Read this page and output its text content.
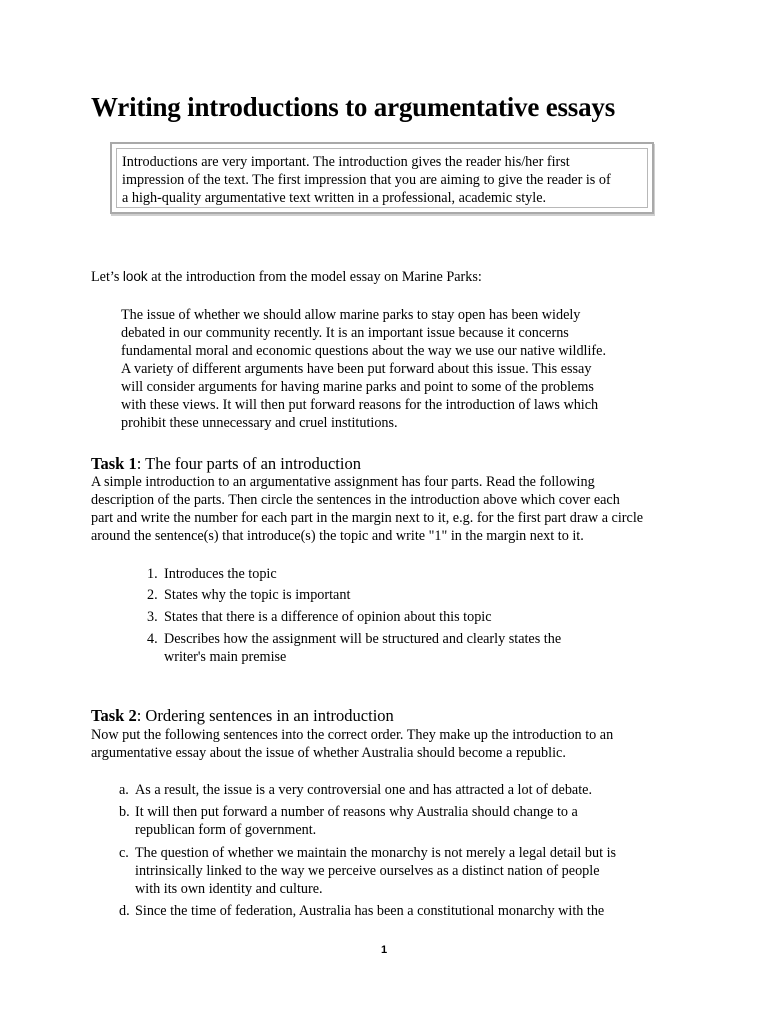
Writing introductions to argumentative essays
Introductions are very important. The introduction gives the reader his/her first
impression of the text. The first impression that you are aiming to give the reader is of
a high-quality argumentative text written in a professional, academic style.
Let’s look at the introduction from the model essay on Marine Parks:
The issue of whether we should allow marine parks to stay open has been widely
debated in our community recently. It is an important issue because it concerns
fundamental moral and economic questions about the way we use our native wildlife.
A variety of different arguments have been put forward about this issue. This essay
will consider arguments for having marine parks and point to some of the problems
with these views. It will then put forward reasons for the introduction of laws which
prohibit these unnecessary and cruel institutions.
Task 1: The four parts of an introduction
A simple introduction to an argumentative assignment has four parts. Read the following
description of the parts. Then circle the sentences in the introduction above which cover each
part and write the number for each part in the margin next to it, e.g. for the first part draw a circle
around the sentence(s) that introduce(s) the topic and write "1" in the margin next to it.
1. Introduces the topic
2. States why the topic is important
3. States that there is a difference of opinion about this topic
4. Describes how the assignment will be structured and clearly states the
writer's main premise
Task 2: Ordering sentences in an introduction
Now put the following sentences into the correct order. They make up the introduction to an
argumentative essay about the issue of whether Australia should become a republic.
a. As a result, the issue is a very controversial one and has attracted a lot of debate.
b. It will then put forward a number of reasons why Australia should change to a
republican form of government.
c. The question of whether we maintain the monarchy is not merely a legal detail but is
intrinsically linked to the way we perceive ourselves as a distinct nation of people
with its own identity and culture.
d. Since the time of federation, Australia has been a constitutional monarchy with the
1
